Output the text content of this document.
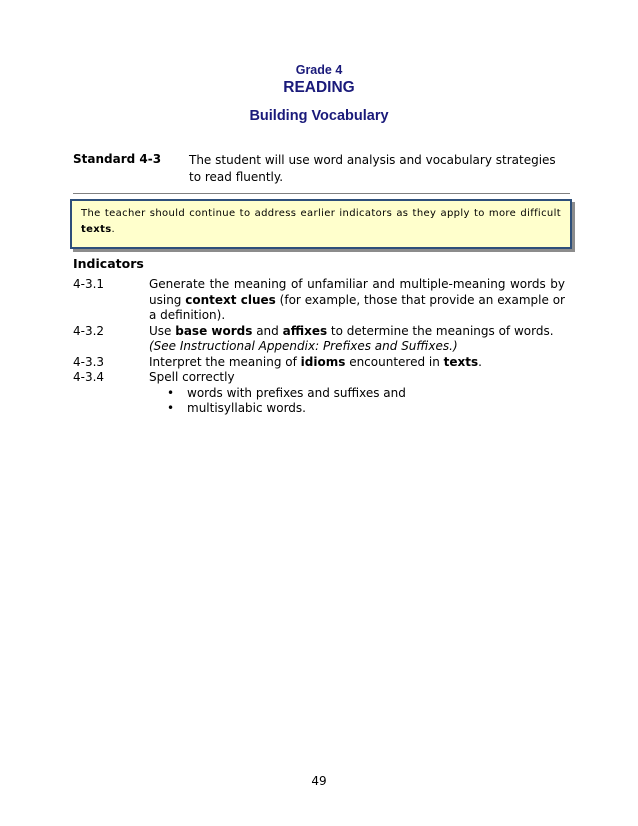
Grade 4
READING
Building Vocabulary
Standard 4-3 The student will use word analysis and vocabulary strategies to read fluently.
The teacher should continue to address earlier indicators as they apply to more difficult texts.
Indicators
4-3.1	Generate the meaning of unfamiliar and multiple-meaning words by using context clues (for example, those that provide an example or a definition).
4-3.2	Use base words and affixes to determine the meanings of words.
(See Instructional Appendix: Prefixes and Suffixes.)
4-3.3	Interpret the meaning of idioms encountered in texts.
4-3.4	Spell correctly
•	words with prefixes and suffixes and
•	multisyllabic words.
49
